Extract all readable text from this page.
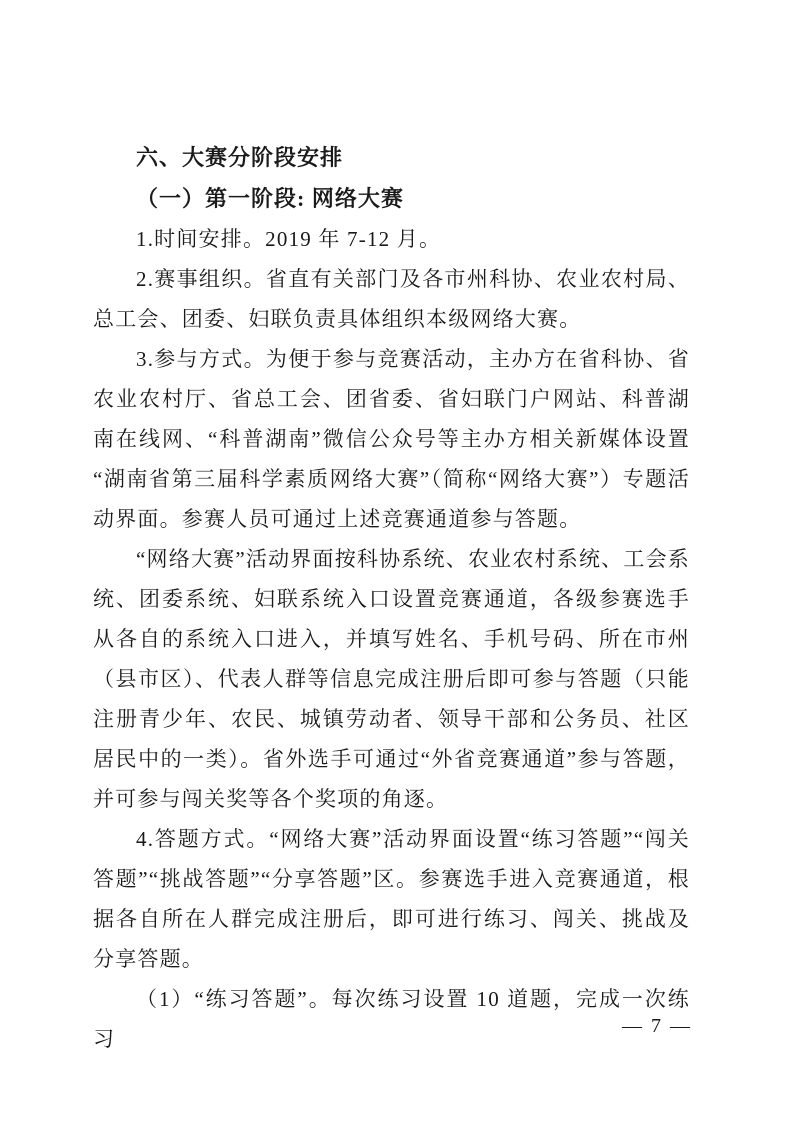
六、大赛分阶段安排
（一）第一阶段: 网络大赛

1.时间安排。2019 年 7-12 月。

2.赛事组织。省直有关部门及各市州科协、农业农村局、总工会、团委、妇联负责具体组织本级网络大赛。

3.参与方式。为便于参与竞赛活动，主办方在省科协、省农业农村厅、省总工会、团省委、省妇联门户网站、科普湖南在线网、“科普湖南”微信公众号等主办方相关新媒体设置“湖南省第三届科学素质网络大赛”（简称“网络大赛”）专题活动界面。参赛人员可通过上述竞赛通道参与答题。

“网络大赛”活动界面按科协系统、农业农村系统、工会系统、团委系统、妇联系统入口设置竞赛通道，各级参赛选手从各自的系统入口进入，并填写姓名、手机号码、所在市州（县市区）、代表人群等信息完成注册后即可参与答题（只能注册青少年、农民、城镇劳动者、领导干部和公务员、社区居民中的一类）。省外选手可通过“外省竞赛通道”参与答题，并可参与闯关奖等各个奖项的角逐。

4.答题方式。“网络大赛”活动界面设置“练习答题”“闯关答题”“挑战答题”“分享答题”区。参赛选手进入竞赛通道，根据各自所在人群完成注册后，即可进行练习、闯关、挑战及分享答题。

（1）“练习答题”。每次练习设置 10 道题，完成一次练习

— 7 —
